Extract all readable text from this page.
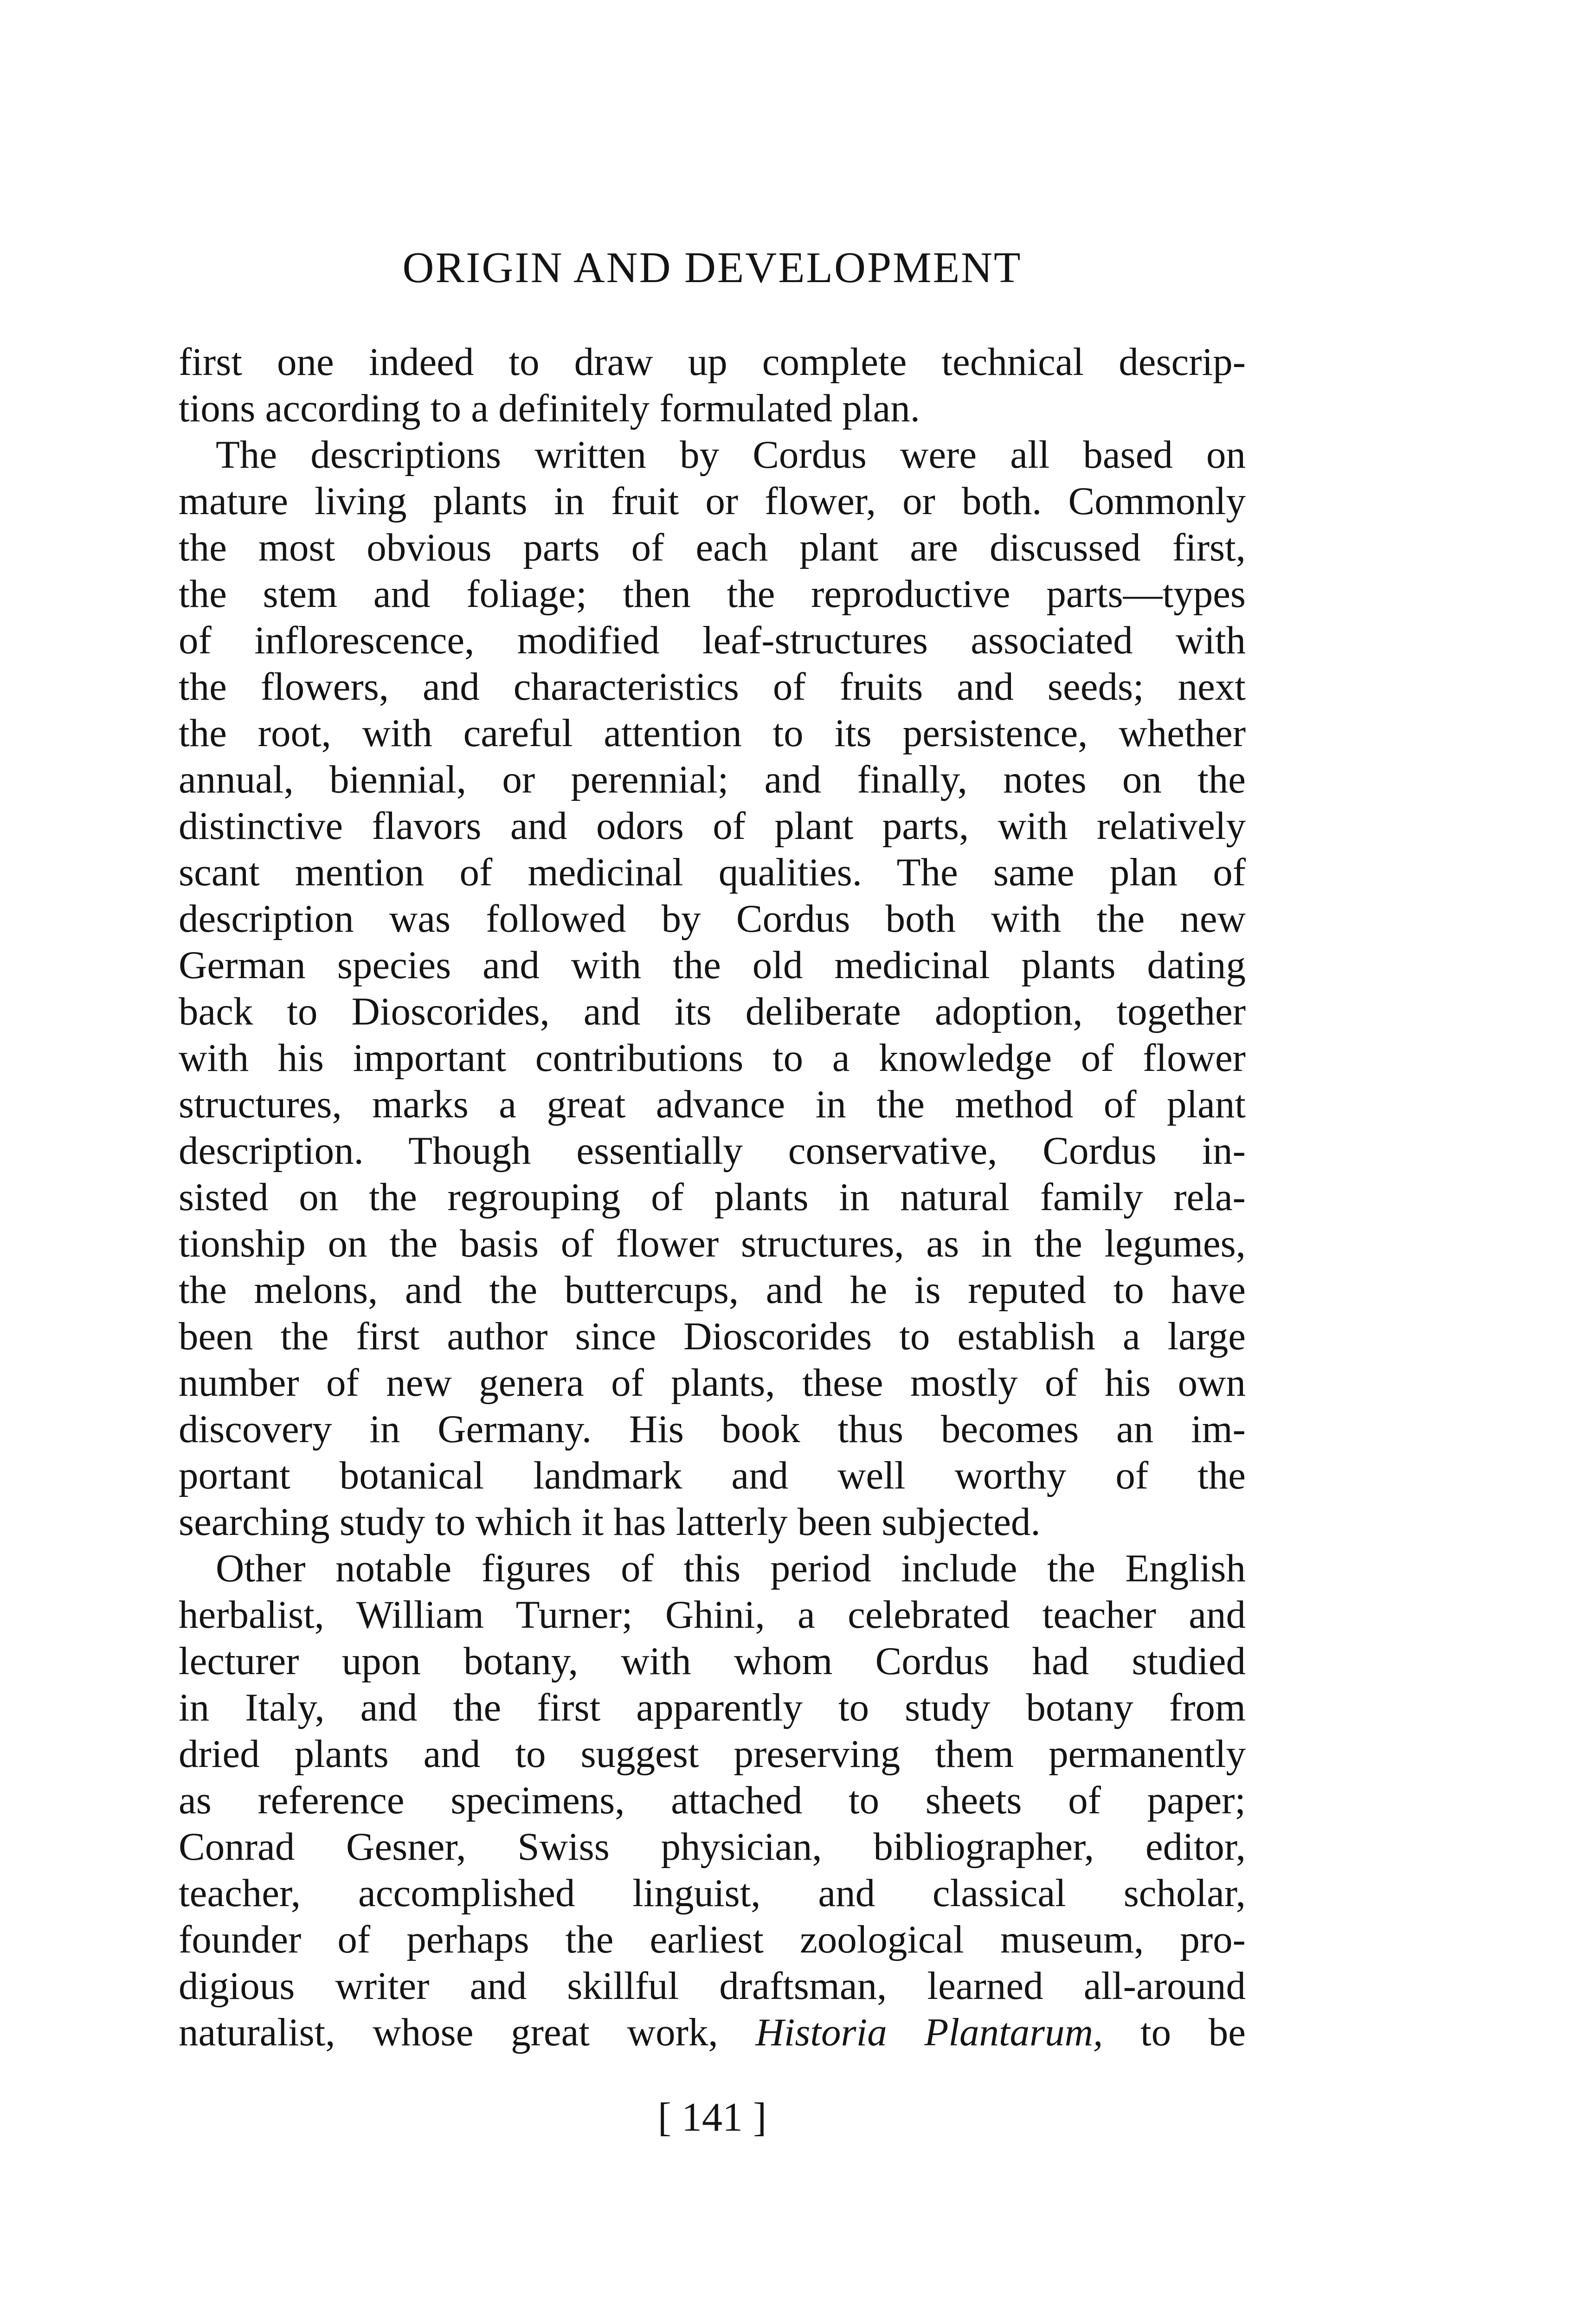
ORIGIN AND DEVELOPMENT
first one indeed to draw up complete technical descrip-
tions according to a definitely formulated plan.
The descriptions written by Cordus were all based on
mature living plants in fruit or flower, or both. Commonly
the most obvious parts of each plant are discussed first,
the stem and foliage; then the reproductive parts—types
of inflorescence, modified leaf-structures associated with
the flowers, and characteristics of fruits and seeds; next
the root, with careful attention to its persistence, whether
annual, biennial, or perennial; and finally, notes on the
distinctive flavors and odors of plant parts, with relatively
scant mention of medicinal qualities. The same plan of
description was followed by Cordus both with the new
German species and with the old medicinal plants dating
back to Dioscorides, and its deliberate adoption, together
with his important contributions to a knowledge of flower
structures, marks a great advance in the method of plant
description. Though essentially conservative, Cordus in-
sisted on the regrouping of plants in natural family rela-
tionship on the basis of flower structures, as in the legumes,
the melons, and the buttercups, and he is reputed to have
been the first author since Dioscorides to establish a large
number of new genera of plants, these mostly of his own
discovery in Germany. His book thus becomes an im-
portant botanical landmark and well worthy of the
searching study to which it has latterly been subjected.
Other notable figures of this period include the English
herbalist, William Turner; Ghini, a celebrated teacher and
lecturer upon botany, with whom Cordus had studied
in Italy, and the first apparently to study botany from
dried plants and to suggest preserving them permanently
as reference specimens, attached to sheets of paper;
Conrad Gesner, Swiss physician, bibliographer, editor,
teacher, accomplished linguist, and classical scholar,
founder of perhaps the earliest zoological museum, pro-
digious writer and skillful draftsman, learned all-around
naturalist, whose great work, Historia Plantarum, to be
[ 141 ]
